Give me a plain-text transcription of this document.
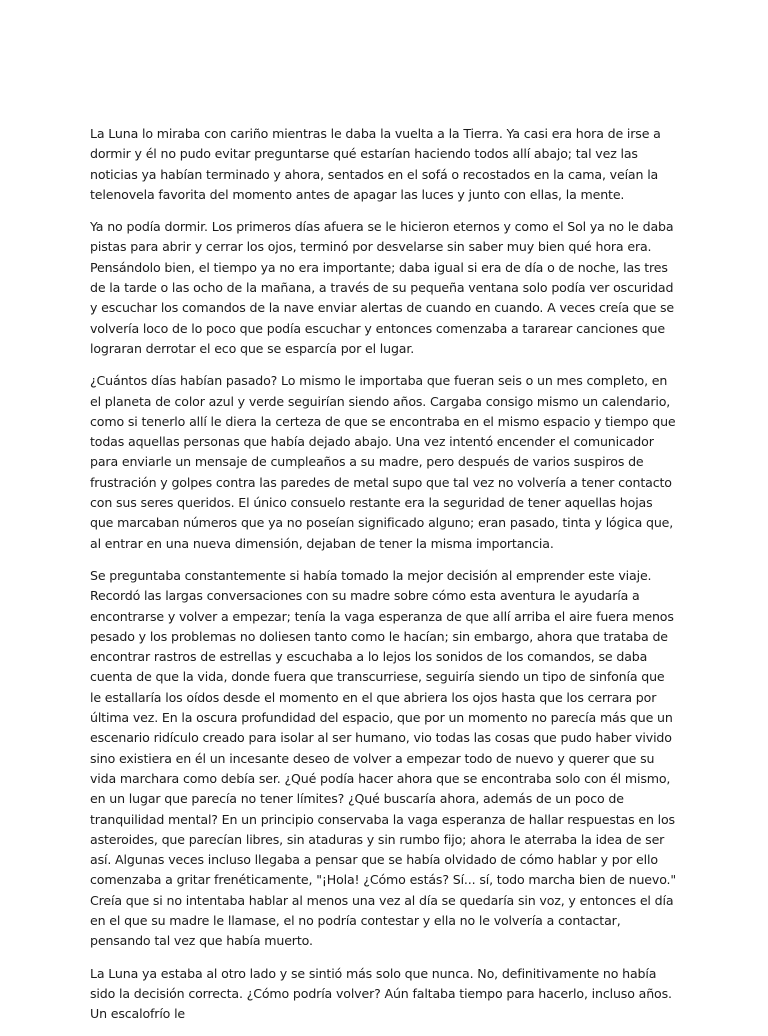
La Luna lo miraba con cariño mientras le daba la vuelta a la Tierra. Ya casi era hora de irse a dormir y él no pudo evitar preguntarse qué estarían haciendo todos allí abajo; tal vez las noticias ya habían terminado y ahora, sentados en el sofá o recostados en la cama, veían la telenovela favorita del momento antes de apagar las luces y junto con ellas, la mente.

Ya no podía dormir. Los primeros días afuera se le hicieron eternos y como el Sol ya no le daba pistas para abrir y cerrar los ojos, terminó por desvelarse sin saber muy bien qué hora era. Pensándolo bien, el tiempo ya no era importante; daba igual si era de día o de noche, las tres de la tarde o las ocho de la mañana, a través de su pequeña ventana solo podía ver oscuridad y escuchar los comandos de la nave enviar alertas de cuando en cuando. A veces creía que se volvería loco de lo poco que podía escuchar y entonces comenzaba a tararear canciones que lograran derrotar el eco que se esparcía por el lugar.

¿Cuántos días habían pasado? Lo mismo le importaba que fueran seis o un mes completo, en el planeta de color azul y verde seguirían siendo años. Cargaba consigo mismo un calendario, como si tenerlo allí le diera la certeza de que se encontraba en el mismo espacio y tiempo que todas aquellas personas que había dejado abajo. Una vez intentó encender el comunicador para enviarle un mensaje de cumpleaños a su madre, pero después de varios suspiros de frustración y golpes contra las paredes de metal supo que tal vez no volvería a tener contacto con sus seres queridos. El único consuelo restante era la seguridad de tener aquellas hojas que marcaban números que ya no poseían significado alguno; eran pasado, tinta y lógica que, al entrar en una nueva dimensión, dejaban de tener la misma importancia.

Se preguntaba constantemente si había tomado la mejor decisión al emprender este viaje. Recordó las largas conversaciones con su madre sobre cómo esta aventura le ayudaría a encontrarse y volver a empezar; tenía la vaga esperanza de que allí arriba el aire fuera menos pesado y los problemas no doliesen tanto como le hacían; sin embargo, ahora que trataba de encontrar rastros de estrellas y escuchaba a lo lejos los sonidos de los comandos, se daba cuenta de que la vida, donde fuera que transcurriese, seguiría siendo un tipo de sinfonía que le estallaría los oídos desde el momento en el que abriera los ojos hasta que los cerrara por última vez. En la oscura profundidad del espacio, que por un momento no parecía más que un escenario ridículo creado para isolar al ser humano, vio todas las cosas que pudo haber vivido sino existiera en él un incesante deseo de volver a empezar todo de nuevo y querer que su vida marchara como debía ser. ¿Qué podía hacer ahora que se encontraba solo con él mismo, en un lugar que parecía no tener límites? ¿Qué buscaría ahora, además de un poco de tranquilidad mental? En un principio conservaba la vaga esperanza de hallar respuestas en los asteroides, que parecían libres, sin ataduras y sin rumbo fijo; ahora le aterraba la idea de ser así. Algunas veces incluso llegaba a pensar que se había olvidado de cómo hablar y por ello comenzaba a gritar frenéticamente, "¡Hola! ¿Cómo estás? Sí... sí, todo marcha bien de nuevo." Creía que si no intentaba hablar al menos una vez al día se quedaría sin voz, y entonces el día en el que su madre le llamase, el no podría contestar y ella no le volvería a contactar, pensando tal vez que había muerto.

La Luna ya estaba al otro lado y se sintió más solo que nunca. No, definitivamente no había sido la decisión correcta. ¿Cómo podría volver? Aún faltaba tiempo para hacerlo, incluso años. Un escalofrío le
